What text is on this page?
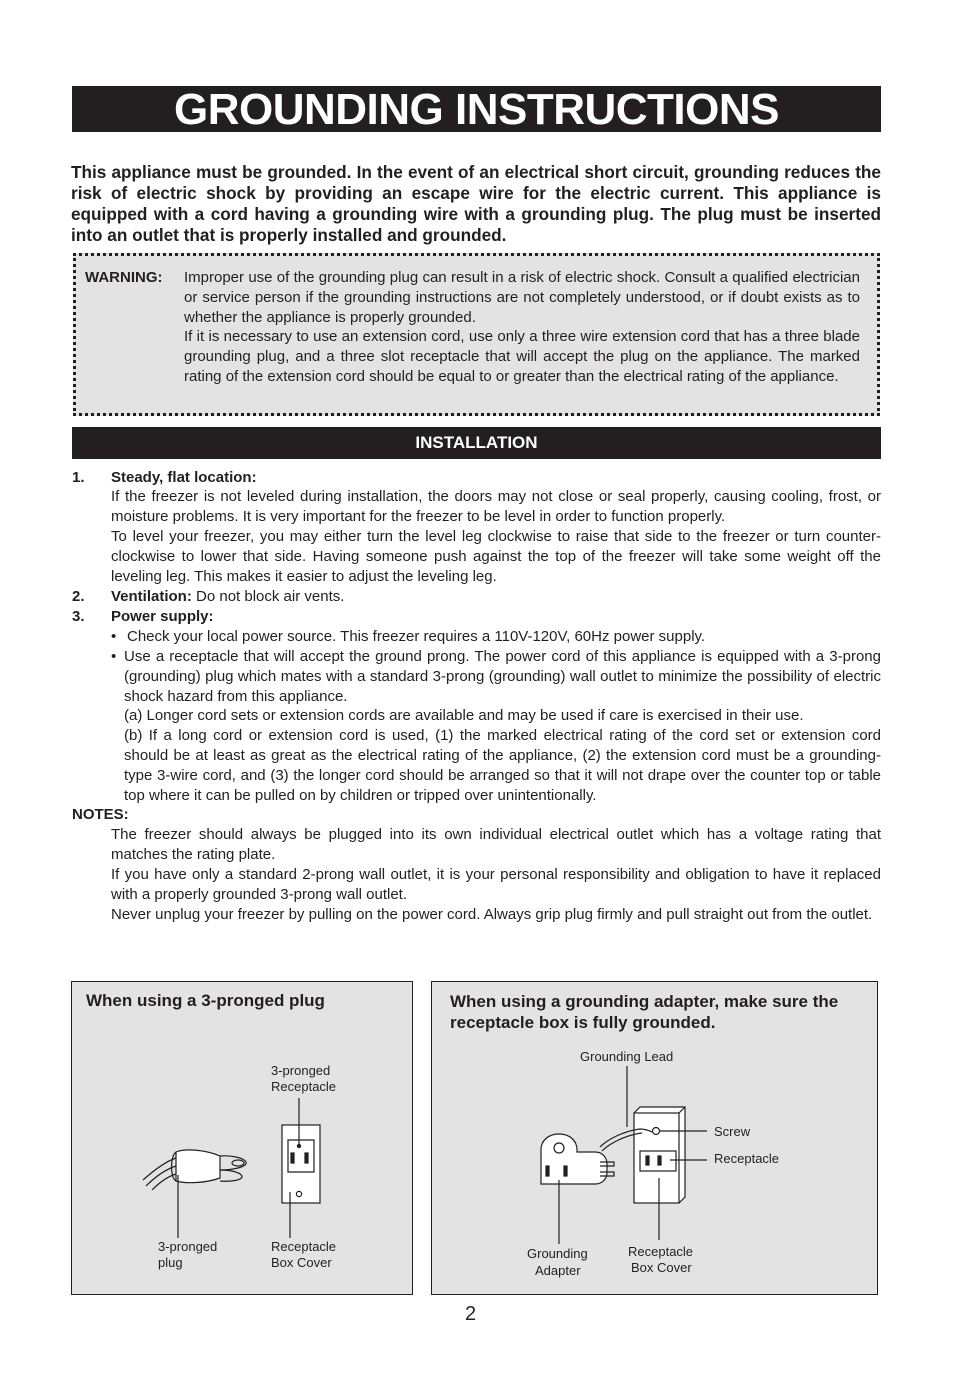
GROUNDING INSTRUCTIONS
This appliance must be grounded. In the event of an electrical short circuit, grounding reduces the risk of electric shock by providing an escape wire for the electric current. This appliance is equipped with a cord having a grounding wire with a grounding plug. The plug must be inserted into an outlet that is properly installed and grounded.
WARNING: Improper use of the grounding plug can result in a risk of electric shock. Consult a qualified electrician or service person if the grounding instructions are not completely understood, or if doubt exists as to whether the appliance is properly grounded.
If it is necessary to use an extension cord, use only a three wire extension cord that has a three blade grounding plug, and a three slot receptacle that will accept the plug on the appliance. The marked rating of the extension cord should be equal to or greater than the electrical rating of the appliance.
INSTALLATION
1. Steady, flat location:
If the freezer is not leveled during installation, the doors may not close or seal properly, causing cooling, frost, or moisture problems. It is very important for the freezer to be level in order to function properly.
To level your freezer, you may either turn the level leg clockwise to raise that side to the freezer or turn counter-clockwise to lower that side. Having someone push against the top of the freezer will take some weight off the leveling leg. This makes it easier to adjust the leveling leg.
2. Ventilation: Do not block air vents.
3. Power supply:
• Check your local power source. This freezer requires a 110V-120V, 60Hz power supply.
• Use a receptacle that will accept the ground prong. The power cord of this appliance is equipped with a 3-prong (grounding) plug which mates with a standard 3-prong (grounding) wall outlet to minimize the possibility of electric shock hazard from this appliance.
(a) Longer cord sets or extension cords are available and may be used if care is exercised in their use.
(b) If a long cord or extension cord is used, (1) the marked electrical rating of the cord set or extension cord should be at least as great as the electrical rating of the appliance, (2) the extension cord must be a grounding-type 3-wire cord, and (3) the longer cord should be arranged so that it will not drape over the counter top or table top where it can be pulled on by children or tripped over unintentionally.
NOTES:
The freezer should always be plugged into its own individual electrical outlet which has a voltage rating that matches the rating plate.
If you have only a standard 2-prong wall outlet, it is your personal responsibility and obligation to have it replaced with a properly grounded 3-prong wall outlet.
Never unplug your freezer by pulling on the power cord. Always grip plug firmly and pull straight out from the outlet.
When using a 3-pronged plug
3-pronged
Receptacle
3-pronged
plug
Receptacle
Box Cover
When using a grounding adapter, make sure the
receptacle box is fully grounded.
Grounding Lead
Screw
Receptacle
Grounding
Adapter
Receptacle
Box Cover
2
